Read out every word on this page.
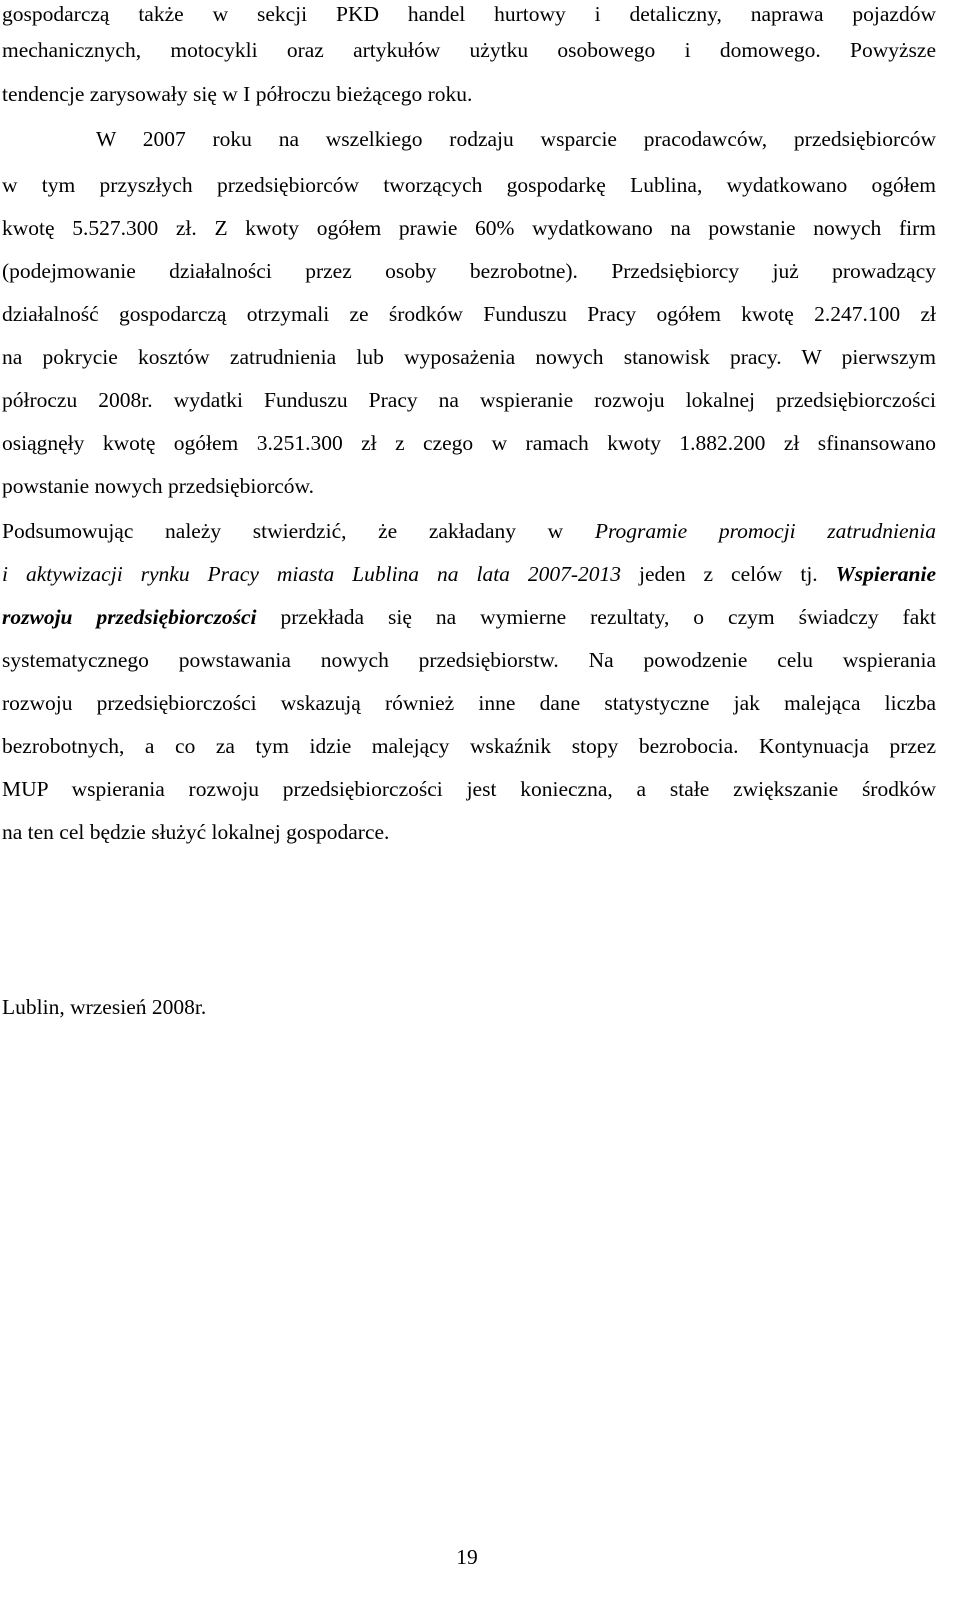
gospodarczą także w sekcji PKD handel hurtowy i detaliczny, naprawa pojazdów
mechanicznych, motocykli oraz artykułów użytku osobowego i domowego. Powyższe
tendencje zarysowały się w I półroczu bieżącego roku.
W 2007 roku na wszelkiego rodzaju wsparcie pracodawców, przedsiębiorców
w tym przyszłych przedsiębiorców tworzących gospodarkę Lublina, wydatkowano ogółem
kwotę 5.527.300 zł. Z kwoty ogółem prawie 60% wydatkowano na powstanie nowych firm
(podejmowanie działalności przez osoby bezrobotne). Przedsiębiorcy już prowadzący
działalność gospodarczą otrzymali ze środków Funduszu Pracy ogółem kwotę 2.247.100 zł
na pokrycie kosztów zatrudnienia lub wyposażenia nowych stanowisk pracy. W pierwszym
półroczu 2008r. wydatki Funduszu Pracy na wspieranie rozwoju lokalnej przedsiębiorczości
osiągnęły kwotę ogółem 3.251.300 zł z czego w ramach kwoty 1.882.200 zł sfinansowano
powstanie nowych przedsiębiorców.
Podsumowując należy stwierdzić, że zakładany w Programie promocji zatrudnienia
i aktywizacji rynku Pracy miasta Lublina na lata 2007-2013 jeden z celów tj. Wspieranie
rozwoju przedsiębiorczości przekłada się na wymierne rezultaty, o czym świadczy fakt
systematycznego powstawania nowych przedsiębiorstw. Na powodzenie celu wspierania
rozwoju przedsiębiorczości wskazują również inne dane statystyczne jak malejąca liczba
bezrobotnych, a co za tym idzie malejący wskaźnik stopy bezrobocia. Kontynuacja przez
MUP wspierania rozwoju przedsiębiorczości jest konieczna, a stałe zwiększanie środków
na ten cel będzie służyć lokalnej gospodarce.
Lublin, wrzesień 2008r.
19
